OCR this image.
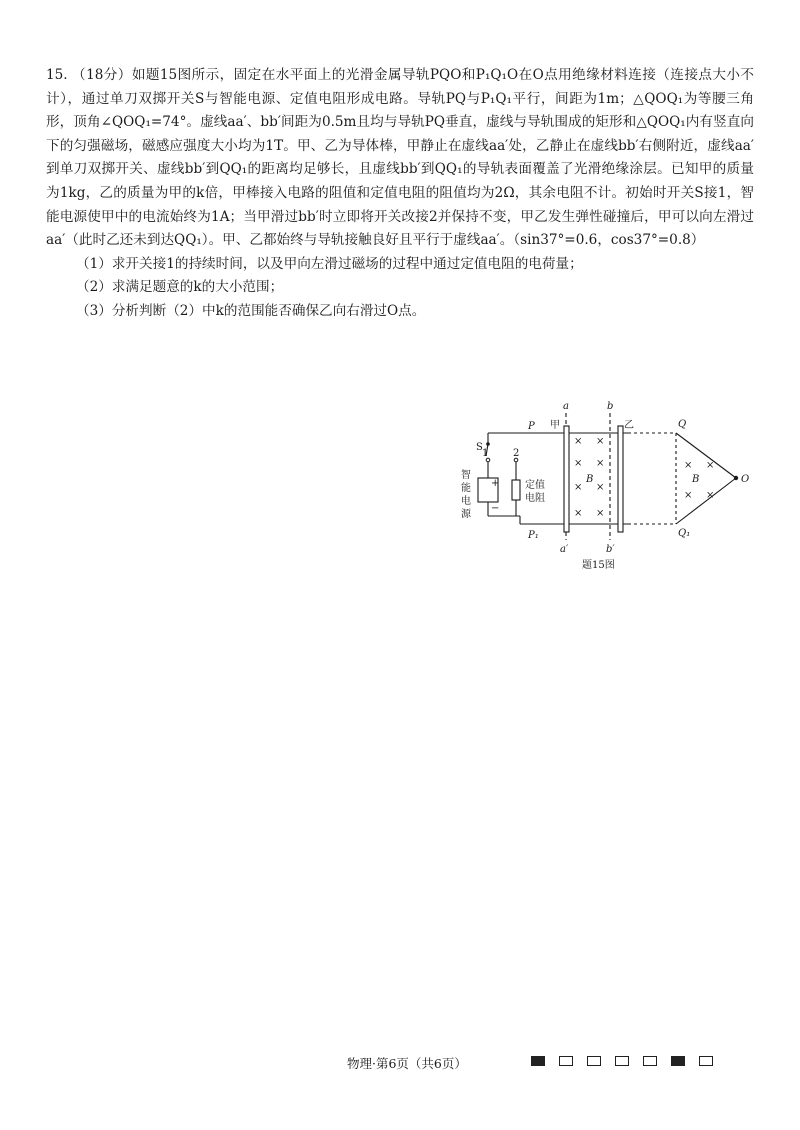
15. （18分）如题15图所示，固定在水平面上的光滑金属导轨PQO和P₁Q₁O在O点用绝缘材料连接（连接点大小不计），通过单刀双掷开关S与智能电源、定值电阻形成电路。导轨PQ与P₁Q₁平行，间距为1m；△QOQ₁为等腰三角形，顶角∠QOQ₁=74°。虚线aa′、bb′间距为0.5m且均与导轨PQ垂直，虚线与导轨围成的矩形和△QOQ₁内有竖直向下的匀强磁场，磁感应强度大小均为1T。甲、乙为导体棒，甲静止在虚线aa′处，乙静止在虚线bb′右侧附近，虚线aa′到单刀双掷开关、虚线bb′到QQ₁的距离均足够长，且虚线bb′到QQ₁的导轨表面覆盖了光滑绝缘涂层。已知甲的质量为1kg，乙的质量为甲的k倍，甲棒接入电路的阻值和定值电阻的阻值均为2Ω，其余电阻不计。初始时开关S接1，智能电源使甲中的电流始终为1A；当甲滑过bb′时立即将开关改接2并保持不变，甲乙发生弹性碰撞后，甲可以向左滑过aa′（此时乙还未到达QQ₁）。甲、乙都始终与导轨接触良好且平行于虚线aa′。（sin37°=0.6，cos37°=0.8）

（1）求开关接1的持续时间，以及甲向左滑过磁场的过程中通过定值电阻的电荷量；

（2）求满足题意的k的大小范围；

（3）分析判断（2）中k的范围能否确保乙向右滑过O点。

× ×
× ×
× ×
× ×
B
× ×
× ×
B
P
P₁
Q
Q₁
O
a
a′
b
b′
甲	乙
S
1 2
+
−
智
能
电
源
定值
电阻
题15图
物理·第6页（共6页）
